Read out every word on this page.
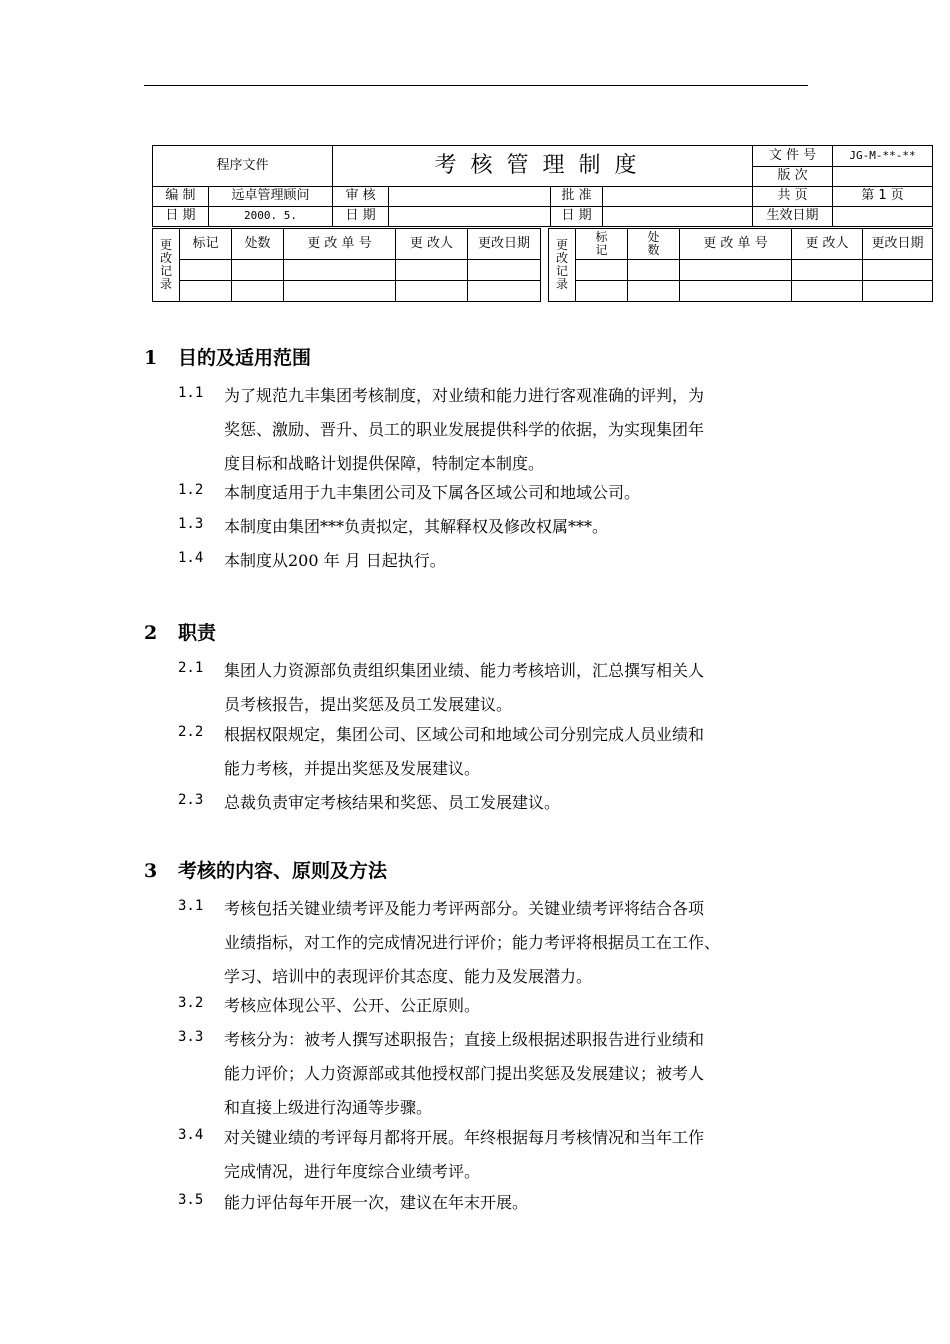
程序文件		考核管理制度				文 件 号	JG-M-**-**
						版 次	
编 制	远卓管理顾问	审 核		批 准		共 页	第 1 页
日 期	2000. 5.	日 期		日 期		生效日期	
更改记录	标记	处数	更 改 单 号	更 改人	更改日期

				更改记录	标记	处数	更 改 单 号	更 改人	更改日期

1 目的及适用范围
1.1	为了规范九丰集团考核制度，对业绩和能力进行客观准确的评判，为
奖惩、激励、晋升、员工的职业发展提供科学的依据，为实现集团年
度目标和战略计划提供保障，特制定本制度。
1.2	本制度适用于九丰集团公司及下属各区域公司和地域公司。
1.3	本制度由集团***负责拟定，其解释权及修改权属***。
1.4	本制度从200 年 月 日起执行。
2 职责
2.1	集团人力资源部负责组织集团业绩、能力考核培训，汇总撰写相关人
员考核报告，提出奖惩及员工发展建议。
2.2	根据权限规定，集团公司、区域公司和地域公司分别完成人员业绩和
能力考核，并提出奖惩及发展建议。
2.3	总裁负责审定考核结果和奖惩、员工发展建议。
3 考核的内容、原则及方法
3.1	考核包括关键业绩考评及能力考评两部分。关键业绩考评将结合各项
业绩指标，对工作的完成情况进行评价；能力考评将根据员工在工作、
学习、培训中的表现评价其态度、能力及发展潜力。
3.2	考核应体现公平、公开、公正原则。
3.3	考核分为：被考人撰写述职报告；直接上级根据述职报告进行业绩和
能力评价；人力资源部或其他授权部门提出奖惩及发展建议；被考人
和直接上级进行沟通等步骤。
3.4	对关键业绩的考评每月都将开展。年终根据每月考核情况和当年工作
完成情况，进行年度综合业绩考评。
3.5	能力评估每年开展一次，建议在年末开展。
